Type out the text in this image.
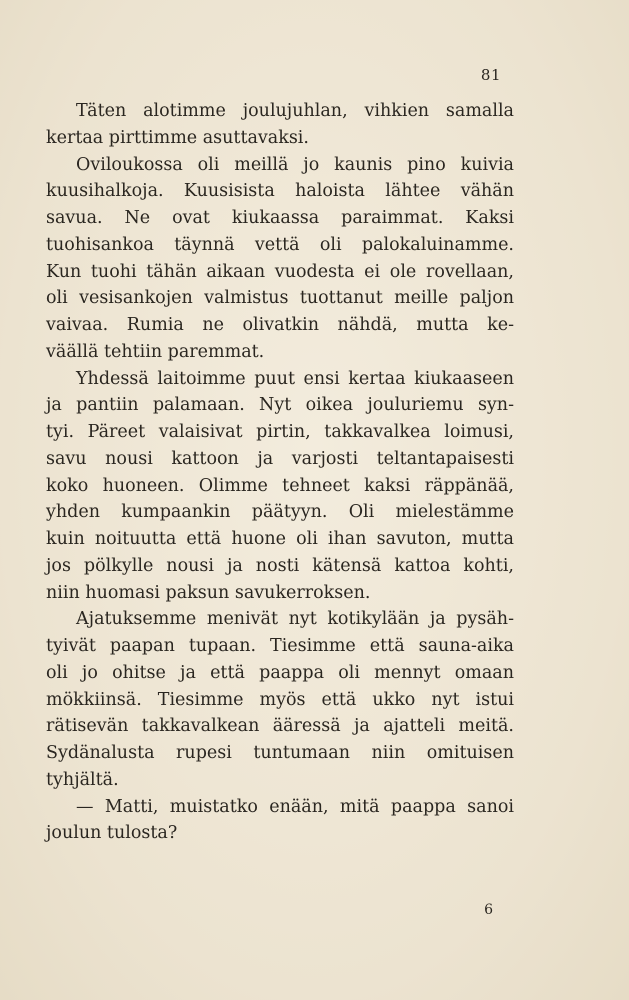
81
Täten alotimme joulujuhlan, vihkien samalla
kertaa pirttimme asuttavaksi.
Oviloukossa oli meillä jo kaunis pino kuivia
kuusihalkoja. Kuusisista haloista lähtee vähän
savua. Ne ovat kiukaassa paraimmat. Kaksi
tuohisankoa täynnä vettä oli palokaluinamme.
Kun tuohi tähän aikaan vuodesta ei ole rovellaan,
oli vesisankojen valmistus tuottanut meille paljon
vaivaa. Rumia ne olivatkin nähdä, mutta ke-
väällä tehtiin paremmat.
Yhdessä laitoimme puut ensi kertaa kiukaaseen
ja pantiin palamaan. Nyt oikea jouluriemu syn-
tyi. Päreet valaisivat pirtin, takkavalkea loimusi,
savu nousi kattoon ja varjosti teltantapaisesti
koko huoneen. Olimme tehneet kaksi räppänää,
yhden kumpaankin päätyyn. Oli mielestämme
kuin noituutta että huone oli ihan savuton, mutta
jos pölkylle nousi ja nosti kätensä kattoa kohti,
niin huomasi paksun savukerroksen.
Ajatuksemme menivät nyt kotikylään ja pysäh-
tyivät paapan tupaan. Tiesimme että sauna-aika
oli jo ohitse ja että paappa oli mennyt omaan
mökkiinsä. Tiesimme myös että ukko nyt istui
rätisevän takkavalkean ääressä ja ajatteli meitä.
Sydänalusta rupesi tuntumaan niin omituisen
tyhjältä.
— Matti, muistatko enään, mitä paappa sanoi
joulun tulosta?
6
